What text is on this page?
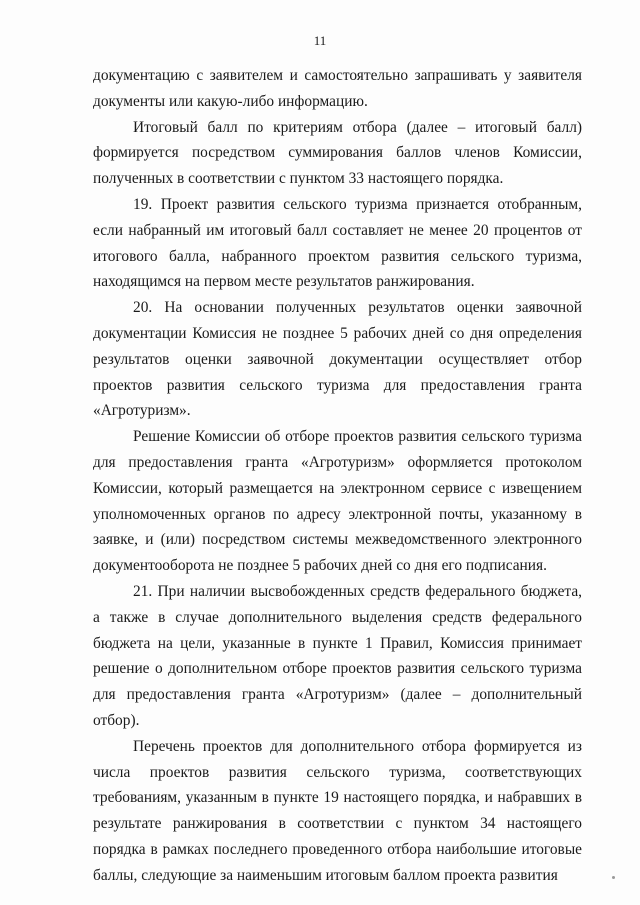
11

документацию с заявителем и самостоятельно запрашивать у заявителя документы или какую-либо информацию.

Итоговый балл по критериям отбора (далее – итоговый балл) формируется посредством суммирования баллов членов Комиссии, полученных в соответствии с пунктом 33 настоящего порядка.

19. Проект развития сельского туризма признается отобранным, если набранный им итоговый балл составляет не менее 20 процентов от итогового балла, набранного проектом развития сельского туризма, находящимся на первом месте результатов ранжирования.

20. На основании полученных результатов оценки заявочной документации Комиссия не позднее 5 рабочих дней со дня определения результатов оценки заявочной документации осуществляет отбор проектов развития сельского туризма для предоставления гранта «Агротуризм».

Решение Комиссии об отборе проектов развития сельского туризма для предоставления гранта «Агротуризм» оформляется протоколом Комиссии, который размещается на электронном сервисе с извещением уполномоченных органов по адресу электронной почты, указанному в заявке, и (или) посредством системы межведомственного электронного документооборота не позднее 5 рабочих дней со дня его подписания.

21. При наличии высвобожденных средств федерального бюджета, а также в случае дополнительного выделения средств федерального бюджета на цели, указанные в пункте 1 Правил, Комиссия принимает решение о дополнительном отборе проектов развития сельского туризма для предоставления гранта «Агротуризм» (далее – дополнительный отбор).

Перечень проектов для дополнительного отбора формируется из числа проектов развития сельского туризма, соответствующих требованиям, указанным в пункте 19 настоящего порядка, и набравших в результате ранжирования в соответствии с пунктом 34 настоящего порядка в рамках последнего проведенного отбора наибольшие итоговые баллы, следующие за наименьшим итоговым баллом проекта развития
